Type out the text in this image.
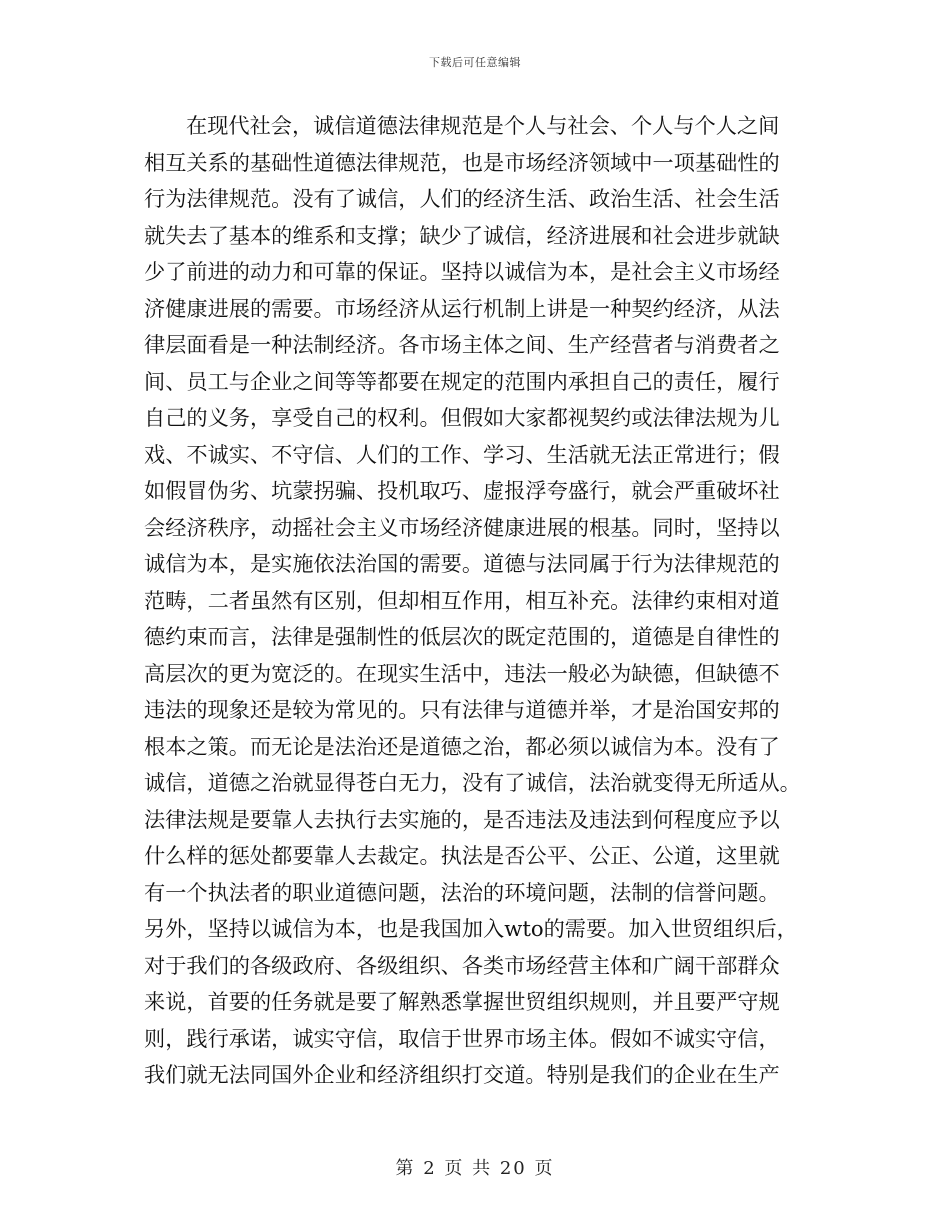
下载后可任意编辑
在现代社会，诚信道德法律规范是个人与社会、个人与个人之间
相互关系的基础性道德法律规范，也是市场经济领域中一项基础性的
行为法律规范。没有了诚信，人们的经济生活、政治生活、社会生活
就失去了基本的维系和支撑；缺少了诚信，经济进展和社会进步就缺
少了前进的动力和可靠的保证。坚持以诚信为本，是社会主义市场经
济健康进展的需要。市场经济从运行机制上讲是一种契约经济，从法
律层面看是一种法制经济。各市场主体之间、生产经营者与消费者之
间、员工与企业之间等等都要在规定的范围内承担自己的责任，履行
自己的义务，享受自己的权利。但假如大家都视契约或法律法规为儿
戏、不诚实、不守信、人们的工作、学习、生活就无法正常进行；假
如假冒伪劣、坑蒙拐骗、投机取巧、虚报浮夸盛行，就会严重破坏社
会经济秩序，动摇社会主义市场经济健康进展的根基。同时，坚持以
诚信为本，是实施依法治国的需要。道德与法同属于行为法律规范的
范畴，二者虽然有区别，但却相互作用，相互补充。法律约束相对道
德约束而言，法律是强制性的低层次的既定范围的，道德是自律性的
高层次的更为宽泛的。在现实生活中，违法一般必为缺德，但缺德不
违法的现象还是较为常见的。只有法律与道德并举，才是治国安邦的
根本之策。而无论是法治还是道德之治，都必须以诚信为本。没有了
诚信，道德之治就显得苍白无力，没有了诚信，法治就变得无所适从。
法律法规是要靠人去执行去实施的，是否违法及违法到何程度应予以
什么样的惩处都要靠人去裁定。执法是否公平、公正、公道，这里就
有一个执法者的职业道德问题，法治的环境问题，法制的信誉问题。
另外，坚持以诚信为本，也是我国加入wto的需要。加入世贸组织后，
对于我们的各级政府、各级组织、各类市场经营主体和广阔干部群众
来说，首要的任务就是要了解熟悉掌握世贸组织规则，并且要严守规
则，践行承诺，诚实守信，取信于世界市场主体。假如不诚实守信，
我们就无法同国外企业和经济组织打交道。特别是我们的企业在生产
第 2 页 共 20 页
